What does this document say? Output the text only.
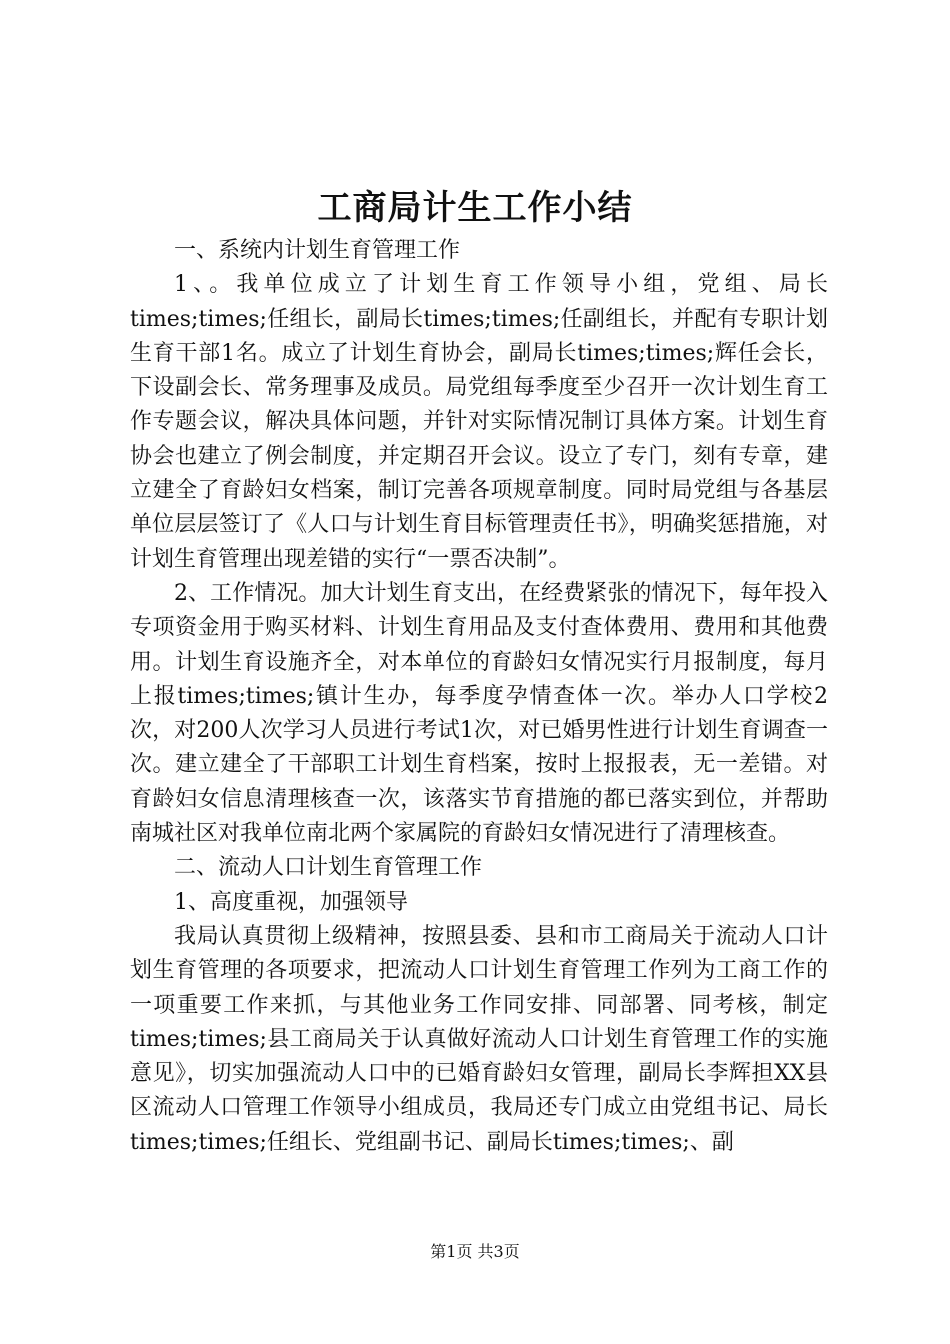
工商局计生工作小结

一、系统内计划生育管理工作

1、。我单位成立了计划生育工作领导小组，党组、局长times;times;任组长，副局长times;times;任副组长，并配有专职计划生育干部1名。成立了计划生育协会，副局长times;times;辉任会长，下设副会长、常务理事及成员。局党组每季度至少召开一次计划生育工作专题会议，解决具体问题，并针对实际情况制订具体方案。计划生育协会也建立了例会制度，并定期召开会议。设立了专门，刻有专章，建立建全了育龄妇女档案，制订完善各项规章制度。同时局党组与各基层单位层层签订了《人口与计划生育目标管理责任书》，明确奖惩措施，对计划生育管理出现差错的实行“一票否决制”。

2、工作情况。加大计划生育支出，在经费紧张的情况下，每年投入专项资金用于购买材料、计划生育用品及支付查体费用、费用和其他费用。计划生育设施齐全，对本单位的育龄妇女情况实行月报制度，每月上报times;times;镇计生办，每季度孕情查体一次。举办人口学校2次，对200人次学习人员进行考试1次，对已婚男性进行计划生育调查一次。建立建全了干部职工计划生育档案，按时上报报表，无一差错。对育龄妇女信息清理核查一次，该落实节育措施的都已落实到位，并帮助南城社区对我单位南北两个家属院的育龄妇女情况进行了清理核查。

二、流动人口计划生育管理工作

1、高度重视，加强领导

我局认真贯彻上级精神，按照县委、县和市工商局关于流动人口计划生育管理的各项要求，把流动人口计划生育管理工作列为工商工作的一项重要工作来抓，与其他业务工作同安排、同部署、同考核，制定times;times;县工商局关于认真做好流动人口计划生育管理工作的实施意见》，切实加强流动人口中的已婚育龄妇女管理，副局长李辉担XX县区流动人口管理工作领导小组成员，我局还专门成立由党组书记、局长times;times;任组长、党组副书记、副局长times;times;、副

第1页 共3页
